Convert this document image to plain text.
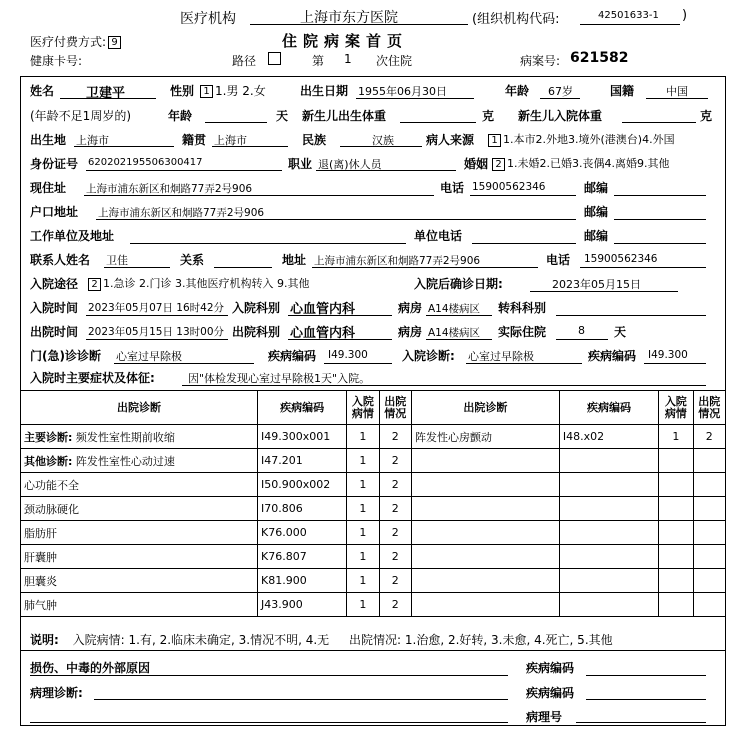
医疗机构	上海市东方医院	(组织机构代码:	42501633-1 )
医疗付费方式: 9	住院病案首页
健康卡号:	路径	第 1 次住院	病案号: 621582
姓名 卫建平	性别 1 1.男 2.女	出生日期 1955年06月30日	年龄 67岁	国籍	中国
(年龄不足1周岁的)	年龄	天 新生儿出生体重	克 新生儿入院体重	克
出生地 上海市	籍贯 上海市	民族	汉族	病人来源	1 1.本市2.外地3.境外(港澳台)4.外国
身份证号 620202195506300417	职业 退(离)休人员	婚姻 2 1.未婚2.已婚3.丧偶4.离婚9.其他
现住址 上海市浦东新区和炯路77弄2号906	电话 15900562346	邮编
户口地址 上海市浦东新区和炯路77弄2号906	邮编
工作单位及地址	单位电话	邮编
联系人姓名 卫佳	关系	地址 上海市浦东新区和炯路77弄2号906	电话 15900562346
入院途径	2 1.急诊 2.门诊 3.其他医疗机构转入 9.其他	入院后确诊日期:	2023年05月15日
入院时间 2023年05月07日 16时42分 入院科别 心血管内科	病房 A14楼病区 转科科别
出院时间 2023年05月15日 13时00分 出院科别 心血管内科	病房 A14楼病区 实际住院	8 天
门(急)诊诊断 心室过早除极	疾病编码 I49.300	入院诊断: 心室过早除极	疾病编码 I49.300
入院时主要症状及体征:	因"体检发现心室过早除极1天"入院。
出院诊断	疾病编码	入院病情	出院情况	出院诊断	疾病编码	入院病情	出院情况
主要诊断: 频发性室性期前收缩	I49.300x001	1	2	阵发性心房颤动	I48.x02	1	2
其他诊断: 阵发性室性心动过速	I47.201	1	2				
心功能不全	I50.900x002	1	2				
颈动脉硬化	I70.806	1	2				
脂肪肝	K76.000	1	2				
肝囊肿	K76.807	1	2				
胆囊炎	K81.900	1	2				
肺气肿	J43.900	1	2				
说明: 入院病情: 1.有, 2.临床未确定, 3.情况不明, 4.无 出院情况: 1.治愈, 2.好转, 3.未愈, 4.死亡, 5.其他
损伤、中毒的外部原因	疾病编码
病理诊断:	疾病编码
病理号
